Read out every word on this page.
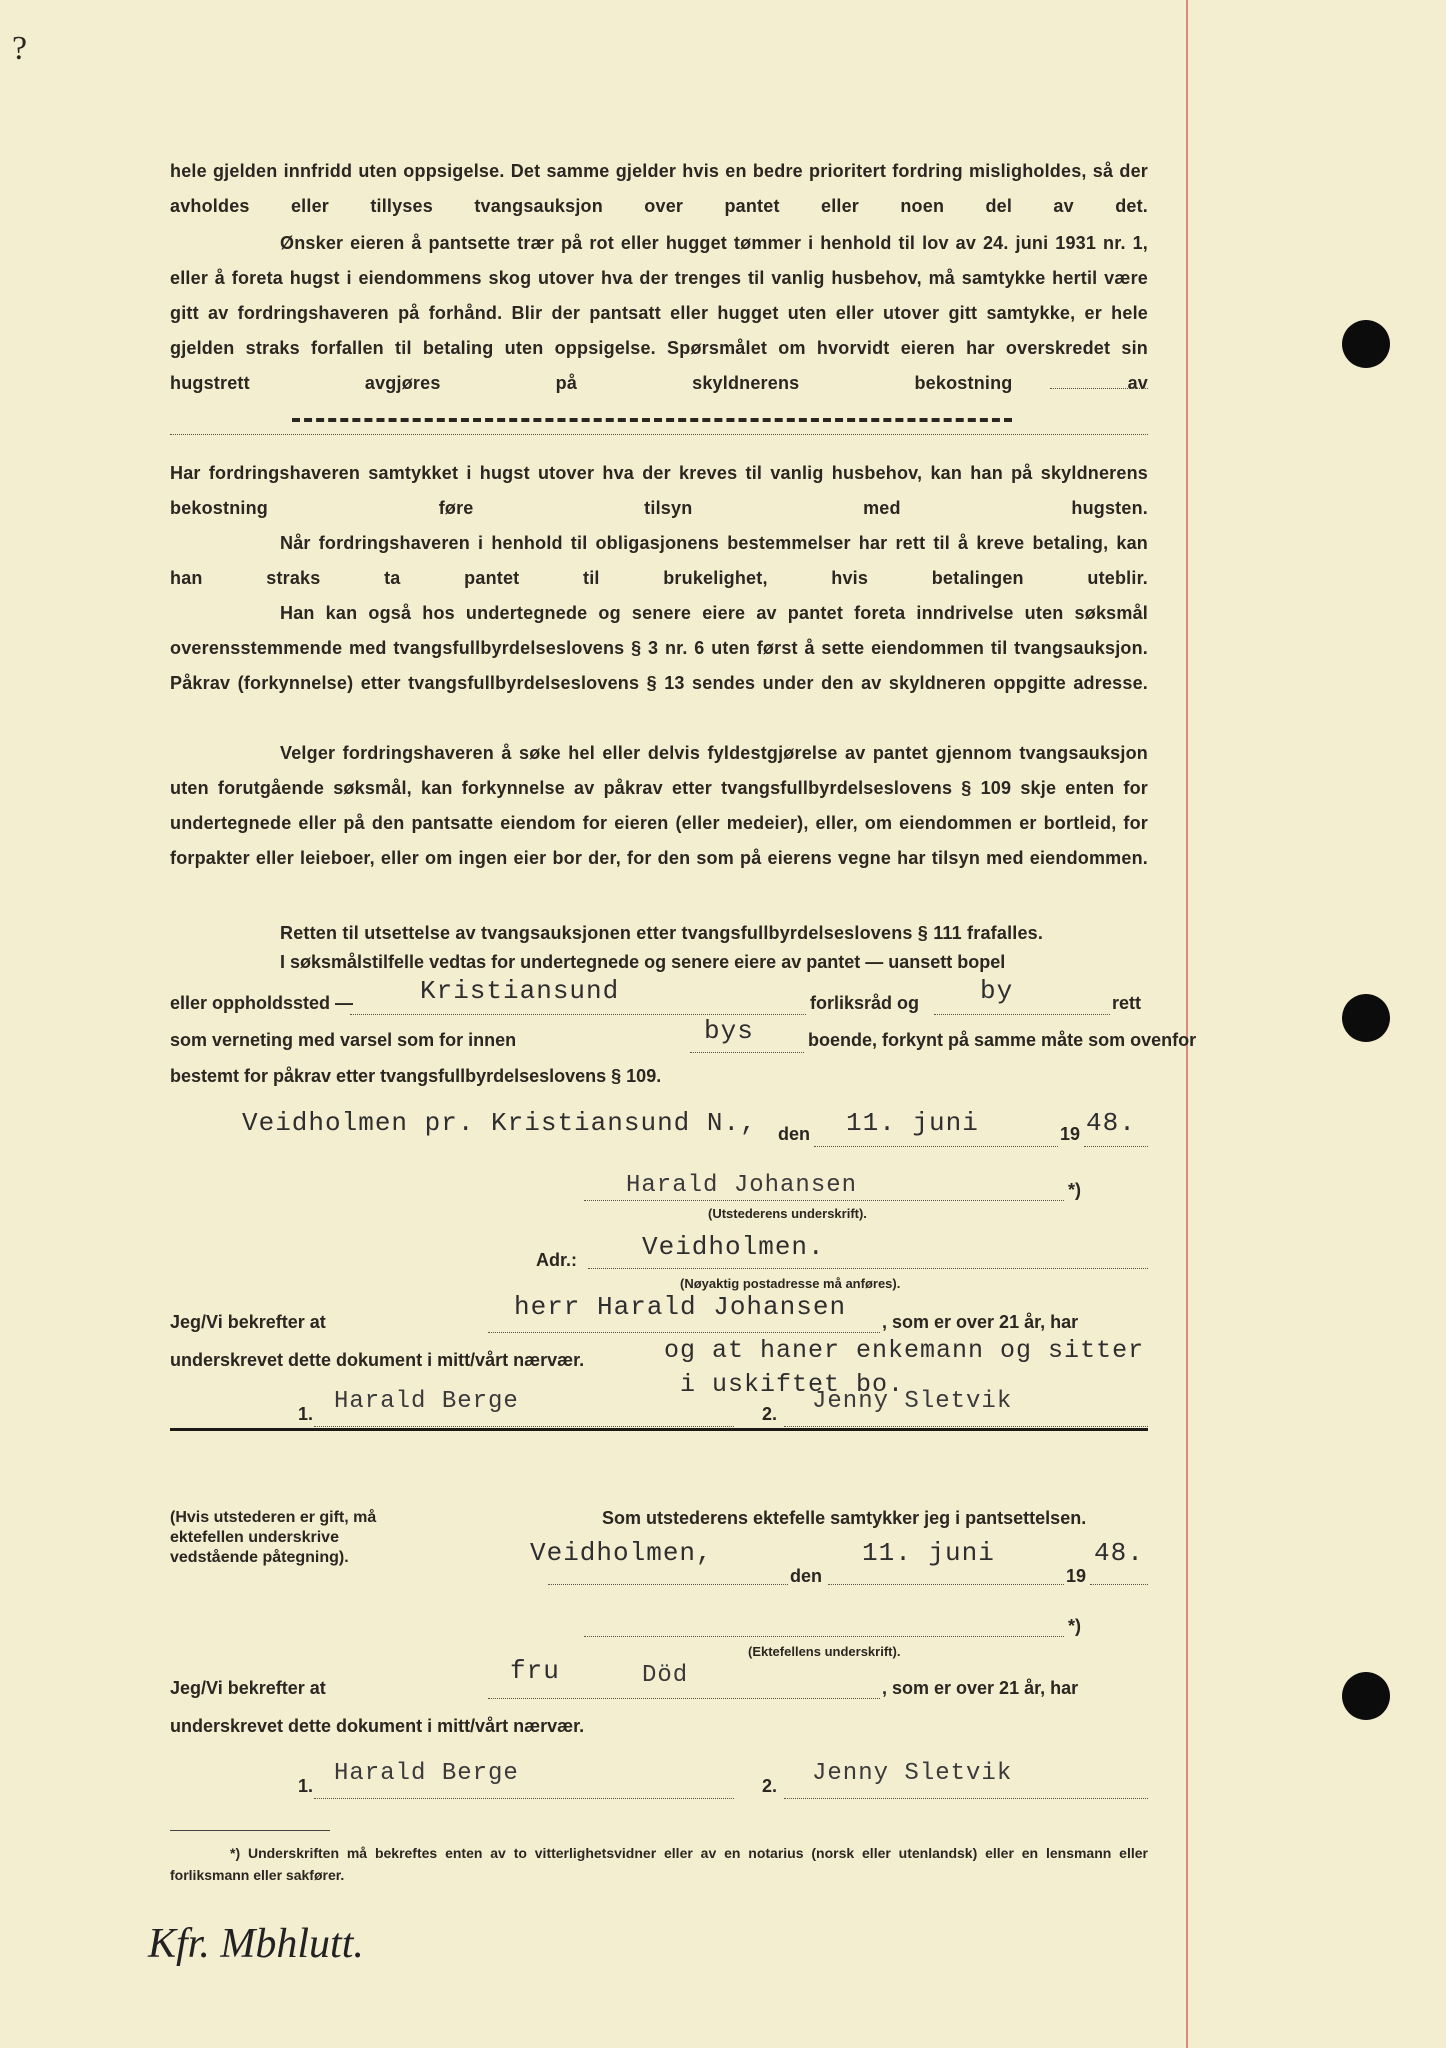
?
hele gjelden innfridd uten oppsigelse. Det samme gjelder hvis en bedre prioritert fordring misligholdes, så der avholdes eller tillyses tvangsauksjon over pantet eller noen del av det.
Ønsker eieren å pantsette trær på rot eller hugget tømmer i henhold til lov av 24. juni 1931 nr. 1, eller å foreta hugst i eiendommens skog utover hva der trenges til vanlig husbehov, må samtykke hertil være gitt av fordringshaveren på forhånd. Blir der pantsatt eller hugget uten eller utover gitt samtykke, er hele gjelden straks forfallen til betaling uten oppsigelse. Spørsmålet om hvorvidt eieren har overskredet sin hugstrett avgjøres på skyldnerens bekostning av
Har fordringshaveren samtykket i hugst utover hva der kreves til vanlig husbehov, kan han på skyldnerens bekostning føre tilsyn med hugsten.
Når fordringshaveren i henhold til obligasjonens bestemmelser har rett til å kreve betaling, kan han straks ta pantet til brukelighet, hvis betalingen uteblir.
Han kan også hos undertegnede og senere eiere av pantet foreta inndrivelse uten søksmål overensstemmende med tvangsfullbyrdelseslovens § 3 nr. 6 uten først å sette eiendommen til tvangsauksjon. Påkrav (forkynnelse) etter tvangsfullbyrdelseslovens § 13 sendes under den av skyldneren oppgitte adresse.
Velger fordringshaveren å søke hel eller delvis fyldestgjørelse av pantet gjennom tvangsauksjon uten forutgående søksmål, kan forkynnelse av påkrav etter tvangsfullbyrdelseslovens § 109 skje enten for undertegnede eller på den pantsatte eiendom for eieren (eller medeier), eller, om eiendommen er bortleid, for forpakter eller leieboer, eller om ingen eier bor der, for den som på eierens vegne har tilsyn med eiendommen.
Retten til utsettelse av tvangsauksjonen etter tvangsfullbyrdelseslovens § 111 frafalles.
I søksmålstilfelle vedtas for undertegnede og senere eiere av pantet — uansett bopel
eller oppholdssted —	Kristiansund	forliksråd og by	rett
som verneting med varsel som for innen	bys	boende, forkynt på samme måte som ovenfor
bestemt for påkrav etter tvangsfullbyrdelseslovens § 109.
Veidholmen pr. Kristiansund N., den 11. juni	19 48.
Harald Johansen	*)
(Utstederens underskrift).
Adr.: Veidholmen.
(Nøyaktig postadresse må anføres).
Jeg/Vi bekrefter at	herr Harald Johansen , som er over 21 år, har
underskrevet dette dokument i mitt/vårt nærvær.	og at haner enkemann og sitter
i uskiftet bo.
1. Harald Berge	2. Jenny Sletvik
(Hvis utstederen er gift, må ektefellen underskrive vedstående påtegning).
Som utstederens ektefelle samtykker jeg i pantsettelsen.
Veidholmen,
den
11. juni
19
48.
*)
(Ektefellens underskrift).
Jeg/Vi bekrefter at
fru	Död	, som er over 21 år, har
underskrevet dette dokument i mitt/vårt nærvær.
1. Harald Berge	2. Jenny Sletvik
*) Underskriften må bekreftes enten av to vitterlighetsvidner eller av en notarius (norsk eller utenlandsk) eller en lensmann eller forliksmann eller sakfører.
Kfr. Mbhlutt.
